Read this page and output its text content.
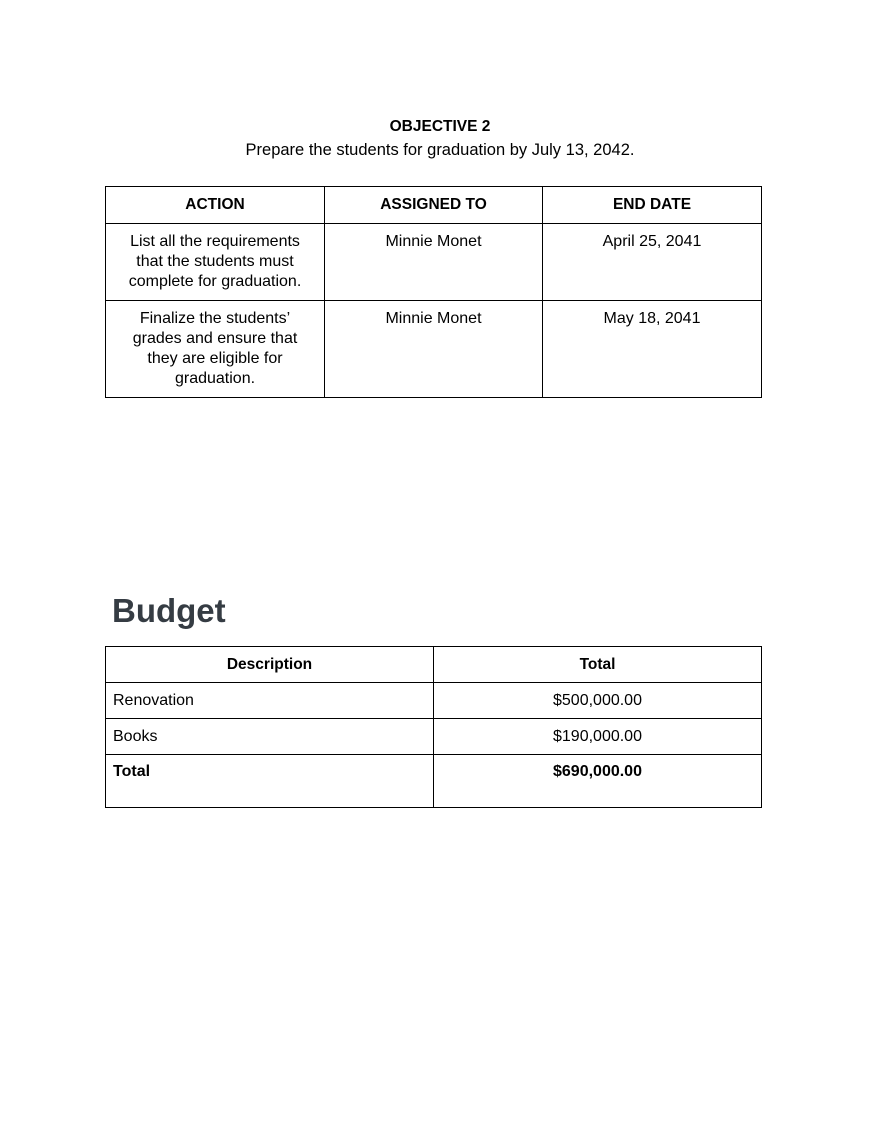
OBJECTIVE 2
Prepare the students for graduation by July 13, 2042.
ACTION	ASSIGNED TO	END DATE
List all the requirements that the students must complete for graduation.	Minnie Monet	April 25, 2041
Finalize the students’ grades and ensure that they are eligible for graduation.	Minnie Monet	May 18, 2041
Budget
Description	Total
Renovation	$500,000.00
Books	$190,000.00
Total	$690,000.00
